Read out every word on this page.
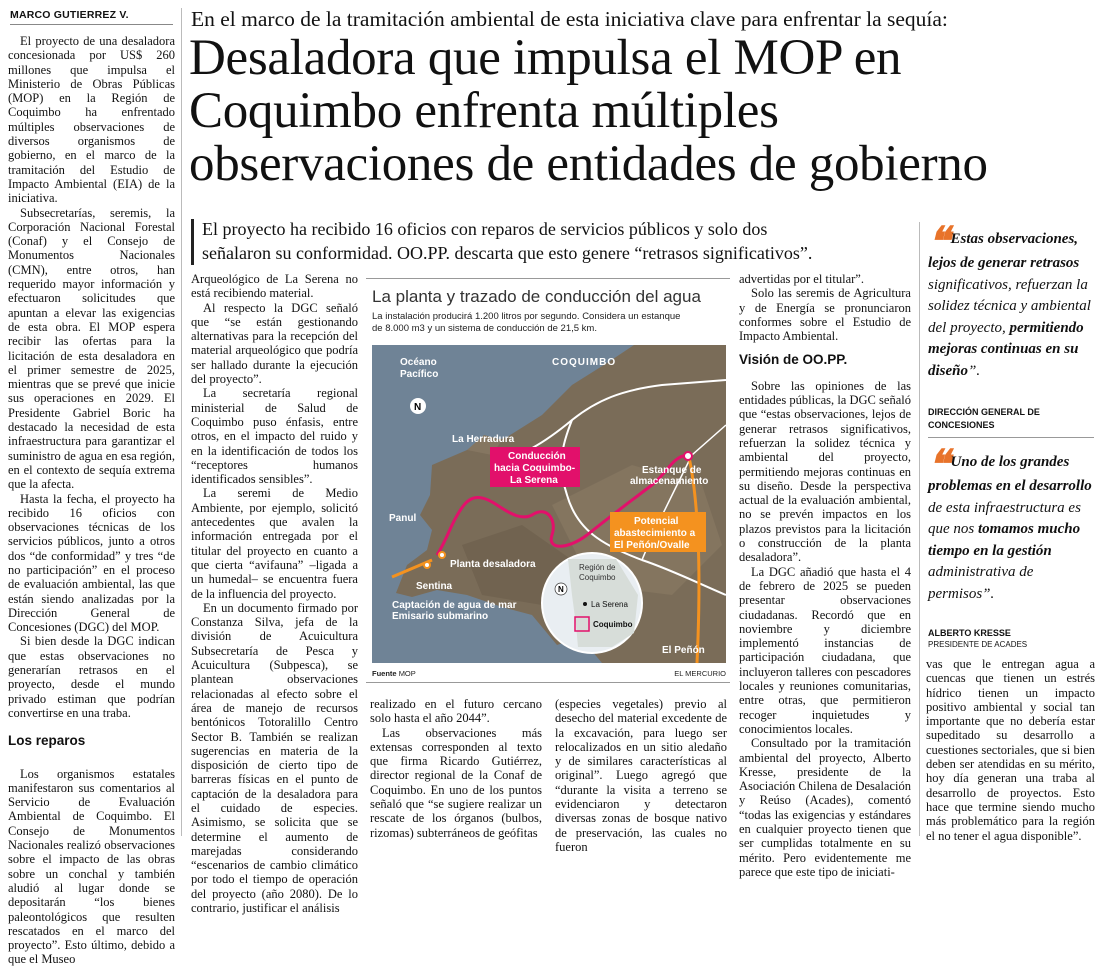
MARCO GUTIERREZ V.

El proyecto de una desaladora concesionada por US$ 260 millones que impulsa el Ministerio de Obras Públicas (MOP) en la Región de Coquimbo ha enfrentado múltiples observaciones de diversos organismos de gobierno, en el marco de la tramitación del Estudio de Impacto Ambiental (EIA) de la iniciativa.

Subsecretarías, seremis, la Corporación Nacional Forestal (Conaf) y el Consejo de Monumentos Nacionales (CMN), entre otros, han requerido mayor información y efectuaron solicitudes que apuntan a elevar las exigencias de esta obra. El MOP espera recibir las ofertas para la licitación de esta desaladora en el primer semestre de 2025, mientras que se prevé que inicie sus operaciones en 2029. El Presidente Gabriel Boric ha destacado la necesidad de esta infraestructura para garantizar el suministro de agua en esa región, en el contexto de sequía extrema que la afecta.

Hasta la fecha, el proyecto ha recibido 16 oficios con observaciones técnicas de los servicios públicos, junto a otros dos “de conformidad” y tres “de no participación” en el proceso de evaluación ambiental, las que están siendo analizadas por la Dirección General de Concesiones (DGC) del MOP.

Si bien desde la DGC indican que estas observaciones no generarían retrasos en el proyecto, desde el mundo privado estiman que podrían convertirse en una traba.

Los reparos

Los organismos estatales manifestaron sus comentarios al Servicio de Evaluación Ambiental de Coquimbo. El Consejo de Monumentos Nacionales realizó observaciones sobre el impacto de las obras sobre un conchal y también aludió al lugar donde se depositarán “los bienes paleontológicos que resulten rescatados en el marco del proyecto”. Esto último, debido a que el Museo

En el marco de la tramitación ambiental de esta iniciativa clave para enfrentar la sequía:
Desaladora que impulsa el MOP en
Coquimbo enfrenta múltiples
observaciones de entidades de gobierno
El proyecto ha recibido 16 oficios con reparos de servicios públicos y solo dos
señalaron su conformidad. OO.PP. descarta que esto genere “retrasos significativos”.
Arqueológico de La Serena no está recibiendo material.

Al respecto la DGC señaló que “se están gestionando alternativas para la recepción del material arqueológico que podría ser hallado durante la ejecución del proyecto”.

La secretaría regional ministerial de Salud de Coquimbo puso énfasis, entre otros, en el impacto del ruido y en la identificación de todos los “receptores humanos identificados sensibles”.

La seremi de Medio Ambiente, por ejemplo, solicitó antecedentes que avalen la información entregada por el titular del proyecto en cuanto a que cierta “avifauna” –ligada a un humedal– se encuentra fuera de la influencia del proyecto.

En un documento firmado por Constanza Silva, jefa de la división de Acuicultura Subsecretaría de Pesca y Acuicultura (Subpesca), se plantean observaciones relacionadas al efecto sobre el área de manejo de recursos bentónicos Totoralillo Centro Sector B. También se realizan sugerencias en materia de la disposición de cierto tipo de barreras físicas en el punto de captación de la desaladora para el cuidado de especies. Asimismo, se solicita que se determine el aumento de marejadas considerando “escenarios de cambio climático por todo el tiempo de operación del proyecto (año 2080). De lo contrario, justificar el análisis

realizado en el futuro cercano solo hasta el año 2044”.

Las observaciones más extensas corresponden al texto que firma Ricardo Gutiérrez, director regional de la Conaf de Coquimbo. En uno de los puntos señaló que “se sugiere realizar un rescate de los órganos (bulbos, rizomas) subterráneos de geófitas

(especies vegetales) previo al desecho del material excedente de la excavación, para luego ser relocalizados en un sitio aledaño y de similares características al original”. Luego agregó que “durante la visita a terreno se evidenciaron y detectaron diversas zonas de bosque nativo de preservación, las cuales no fueron
advertidas por el titular”.

Solo las seremis de Agricultura y de Energía se pronunciaron conformes sobre el Estudio de Impacto Ambiental.

Visión de OO.PP.

Sobre las opiniones de las entidades públicas, la DGC señaló que “estas observaciones, lejos de generar retrasos significativos, refuerzan la solidez técnica y ambiental del proyecto, permitiendo mejoras continuas en su diseño. Desde la perspectiva actual de la evaluación ambiental, no se prevén impactos en los plazos previstos para la licitación o construcción de la planta desaladora”.

La DGC añadió que hasta el 4 de febrero de 2025 se pueden presentar observaciones ciudadanas. Recordó que en noviembre y diciembre implementó instancias de participación ciudadana, que incluyeron talleres con pescadores locales y reuniones comunitarias, entre otras, que permitieron recoger inquietudes y conocimientos locales.

Consultado por la tramitación ambiental del proyecto, Alberto Kresse, presidente de la Asociación Chilena de Desalación y Reúso (Acades), comentó “todas las exigencias y estándares en cualquier proyecto tienen que ser cumplidas totalmente en su mérito. Pero evidentemente me parece que este tipo de iniciati-

❝ Estas observaciones, lejos de generar retrasos significativos, refuerzan la solidez técnica y ambiental del proyecto, permitiendo mejoras continuas en su diseño”.
DIRECCIÓN GENERAL DE
CONCESIONES
❝ Uno de los grandes problemas en el desarrollo de esta infraestructura es que nos tomamos mucho tiempo en la gestión administrativa de permisos”.
ALBERTO KRESSE
PRESIDENTE DE ACADES
vas que le entregan agua a cuencas que tienen un estrés hídrico tienen un impacto positivo ambiental y social tan importante que no debería estar supeditado su desarrollo a cuestiones sectoriales, que si bien deben ser atendidas en su mérito, hoy día generan una traba al desarrollo de proyectos. Esto hace que termine siendo mucho más problemático para la región el no tener el agua disponible”.
La planta y trazado de conducción del agua
La instalación producirá 1.200 litros por segundo. Considera un estanque
de 8.000 m3 y un sistema de conducción de 21,5 km.
N
Océano
Pacífico
COQUIMBO
La Herradura
Panul
Planta desaladora
Sentina
Captación de agua de mar
Emisario submarino
Estanque de
almacenamiento
Conducción
hacia Coquimbo-
La Serena
Potencial
abastecimiento a
El Peñón/Ovalle
El Peñón
N
Región de
Coquimbo
La Serena
Coquimbo
Fuente MOP	EL MERCURIO
